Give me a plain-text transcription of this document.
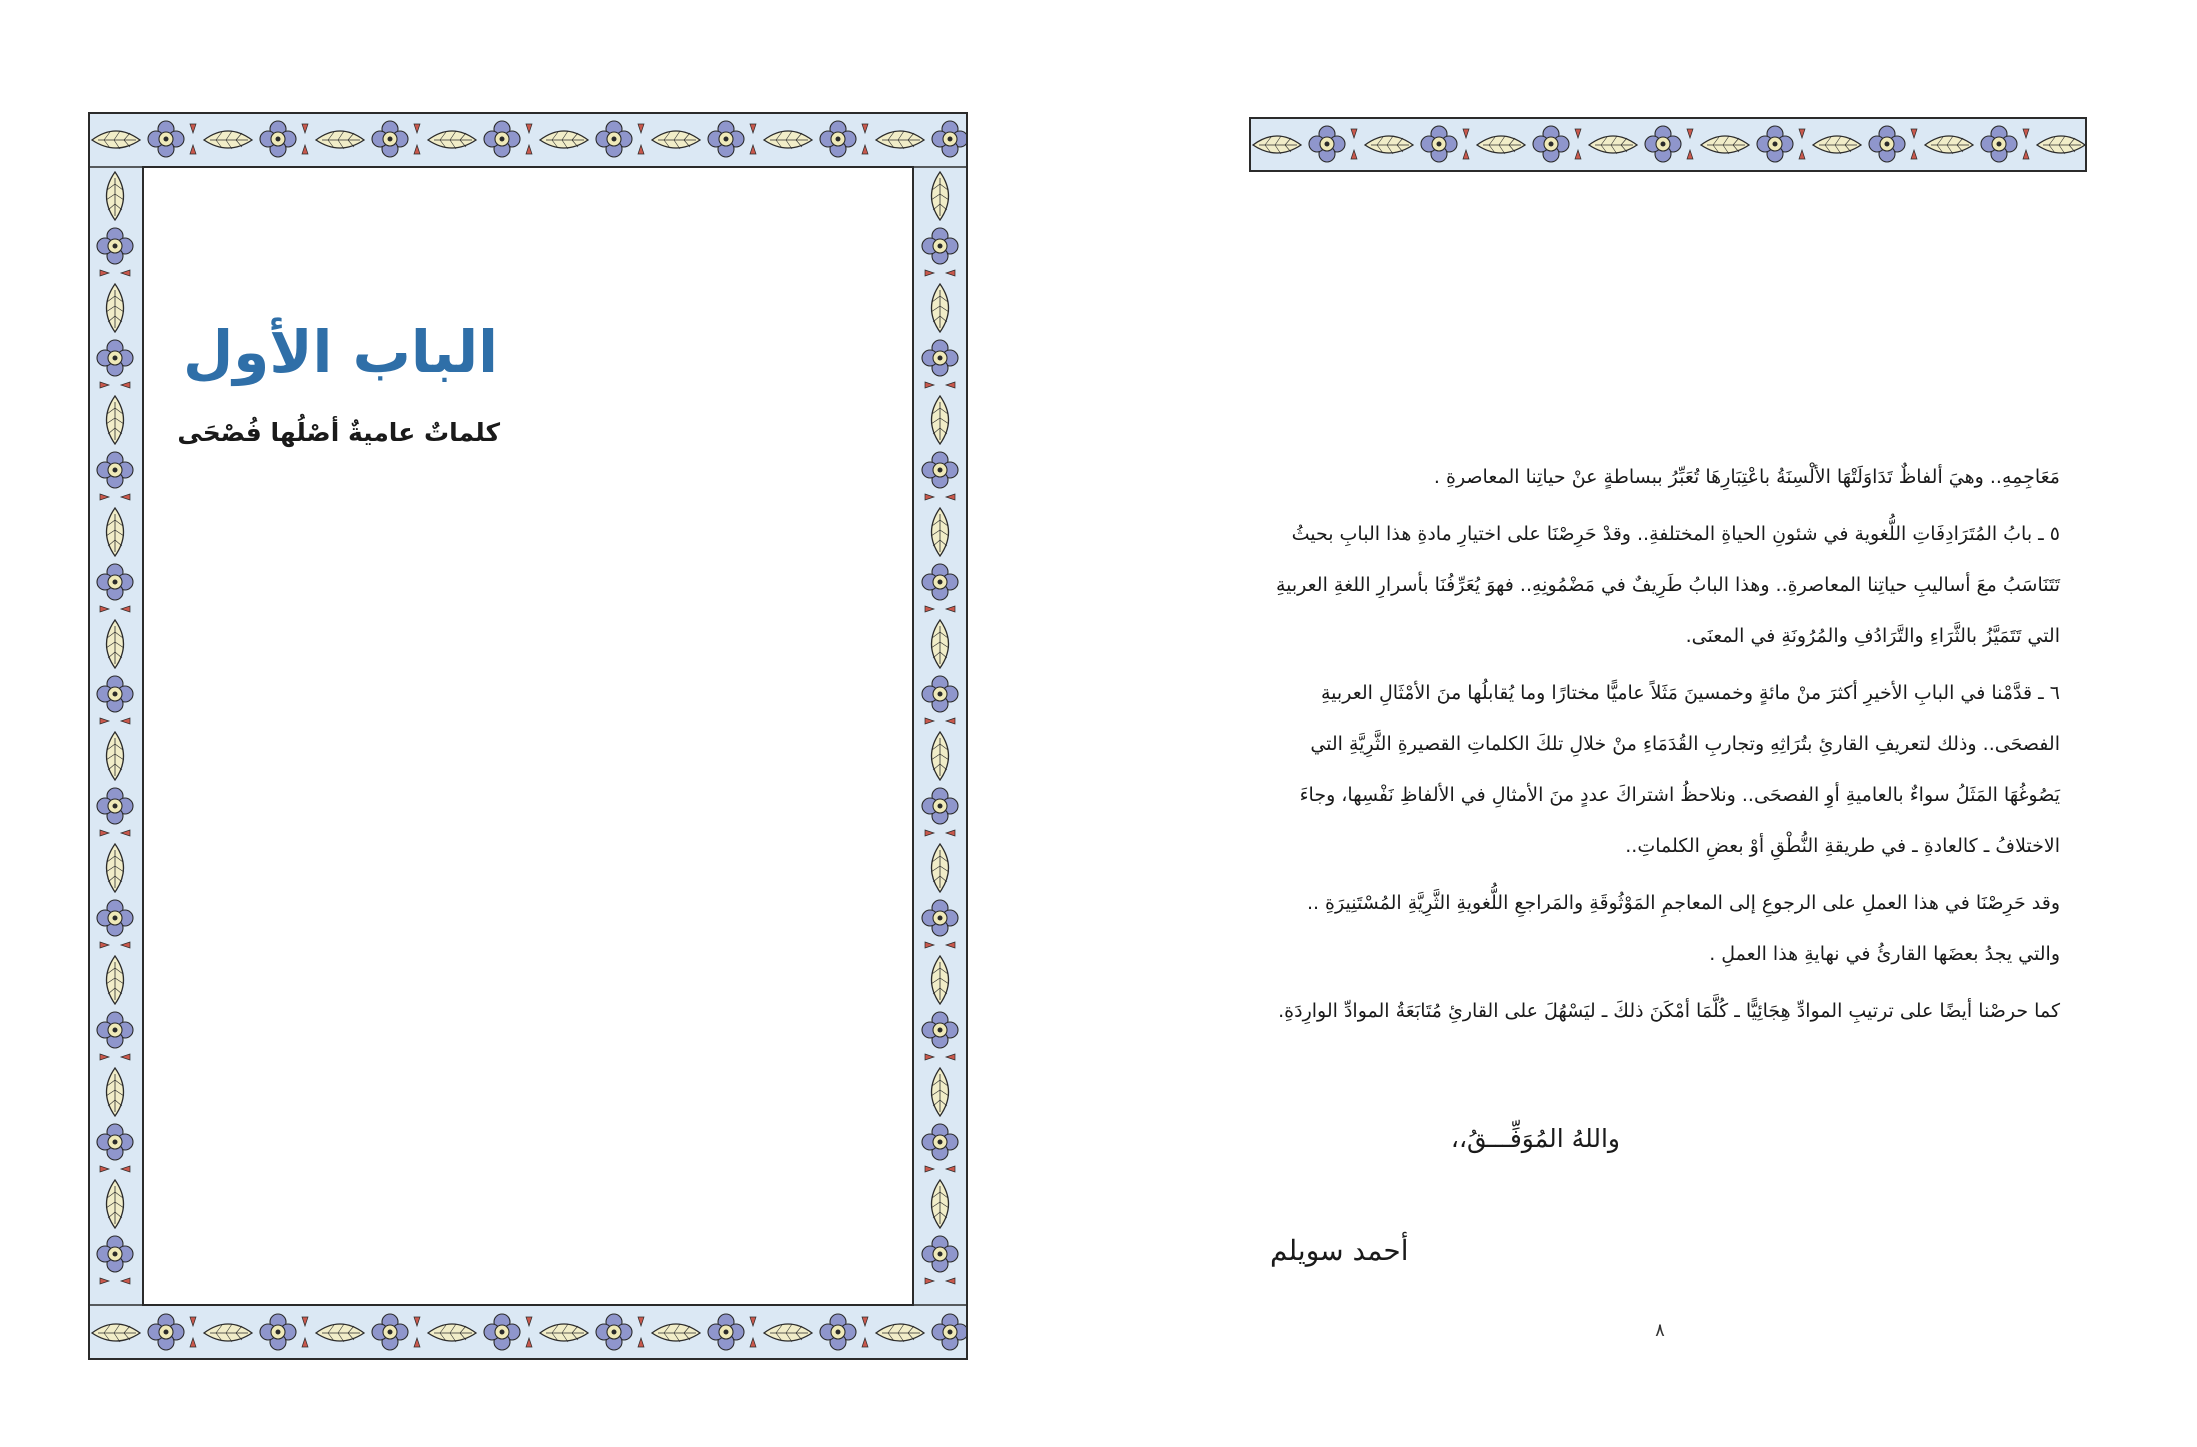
الباب الأول
كلماتٌ عاميةٌ أصْلُها فُصْحَى

مَعَاجِمِهِ.. وهيَ ألفاظٌ تَدَاوَلَتْهَا الألْسِنَةُ باعْتِبَارِهَا تُعَبِّرُ ببساطةٍ عنْ حياتِنا المعاصرةِ .

٥ ـ بابُ المُتَرَادِفَاتِ اللُّغوية في شئونِ الحياةِ المختلفةِ.. وقدْ حَرِصْنَا على اختيارِ مادةِ هذا البابِ بحيثُ تَتَنَاسَبُ معَ أساليبِ حياتِنا المعاصرةِ.. وهذا البابُ طَرِيفٌ في مَضْمُونِهِ.. فهوَ يُعَرِّفُنَا بأسرارِ اللغةِ العربيةِ التي تَتَمَيَّزُ بالثَّرَاءِ والتَّرَادُفِ والمُرُونَةِ في المعنَى.

٦ ـ قدَّمْنا في البابِ الأخيرِ أكثرَ منْ مائةٍ وخمسينَ مَثَلاً عاميًّا مختارًا وما يُقابلُها منَ الأمْثَالِ العربيةِ الفصحَى.. وذلك لتعريفِ القارئِ بتُرَاثِهِ وتجاربِ القُدَمَاءِ منْ خلالِ تلكَ الكلماتِ القصيرةِ الثَّرِيَّةِ التي يَصُوغُهَا المَثَلُ سواءٌ بالعاميةِ أوِ الفصحَى.. ونلاحظُ اشتراكَ عددٍ منَ الأمثالِ في الألفاظِ نَفْسِها، وجاءَ الاختلافُ ـ كالعادةِ ـ في طريقةِ النُّطْقِ أوْ بعضِ الكلماتِ..

وقد حَرِصْنَا في هذا العملِ على الرجوعِ إلى المعاجمِ المَوْثُوقَةِ والمَراجعِ اللُّغويةِ الثَّرِيَّةِ المُسْتَنِيرَةِ .. والتي يجدُ بعضَها القارئُ في نهايةِ هذا العملِ .

كما حرصْنا أيضًا على ترتيبِ الموادِّ هِجَائِيًّا ـ كُلَّمَا أمْكَنَ ذلكَ ـ ليَسْهُلَ على القارئِ مُتَابَعَةُ الموادِّ الوارِدَةِ.

واللهُ المُوَفِّـــقُ،،
أحمد سويلم
٨
